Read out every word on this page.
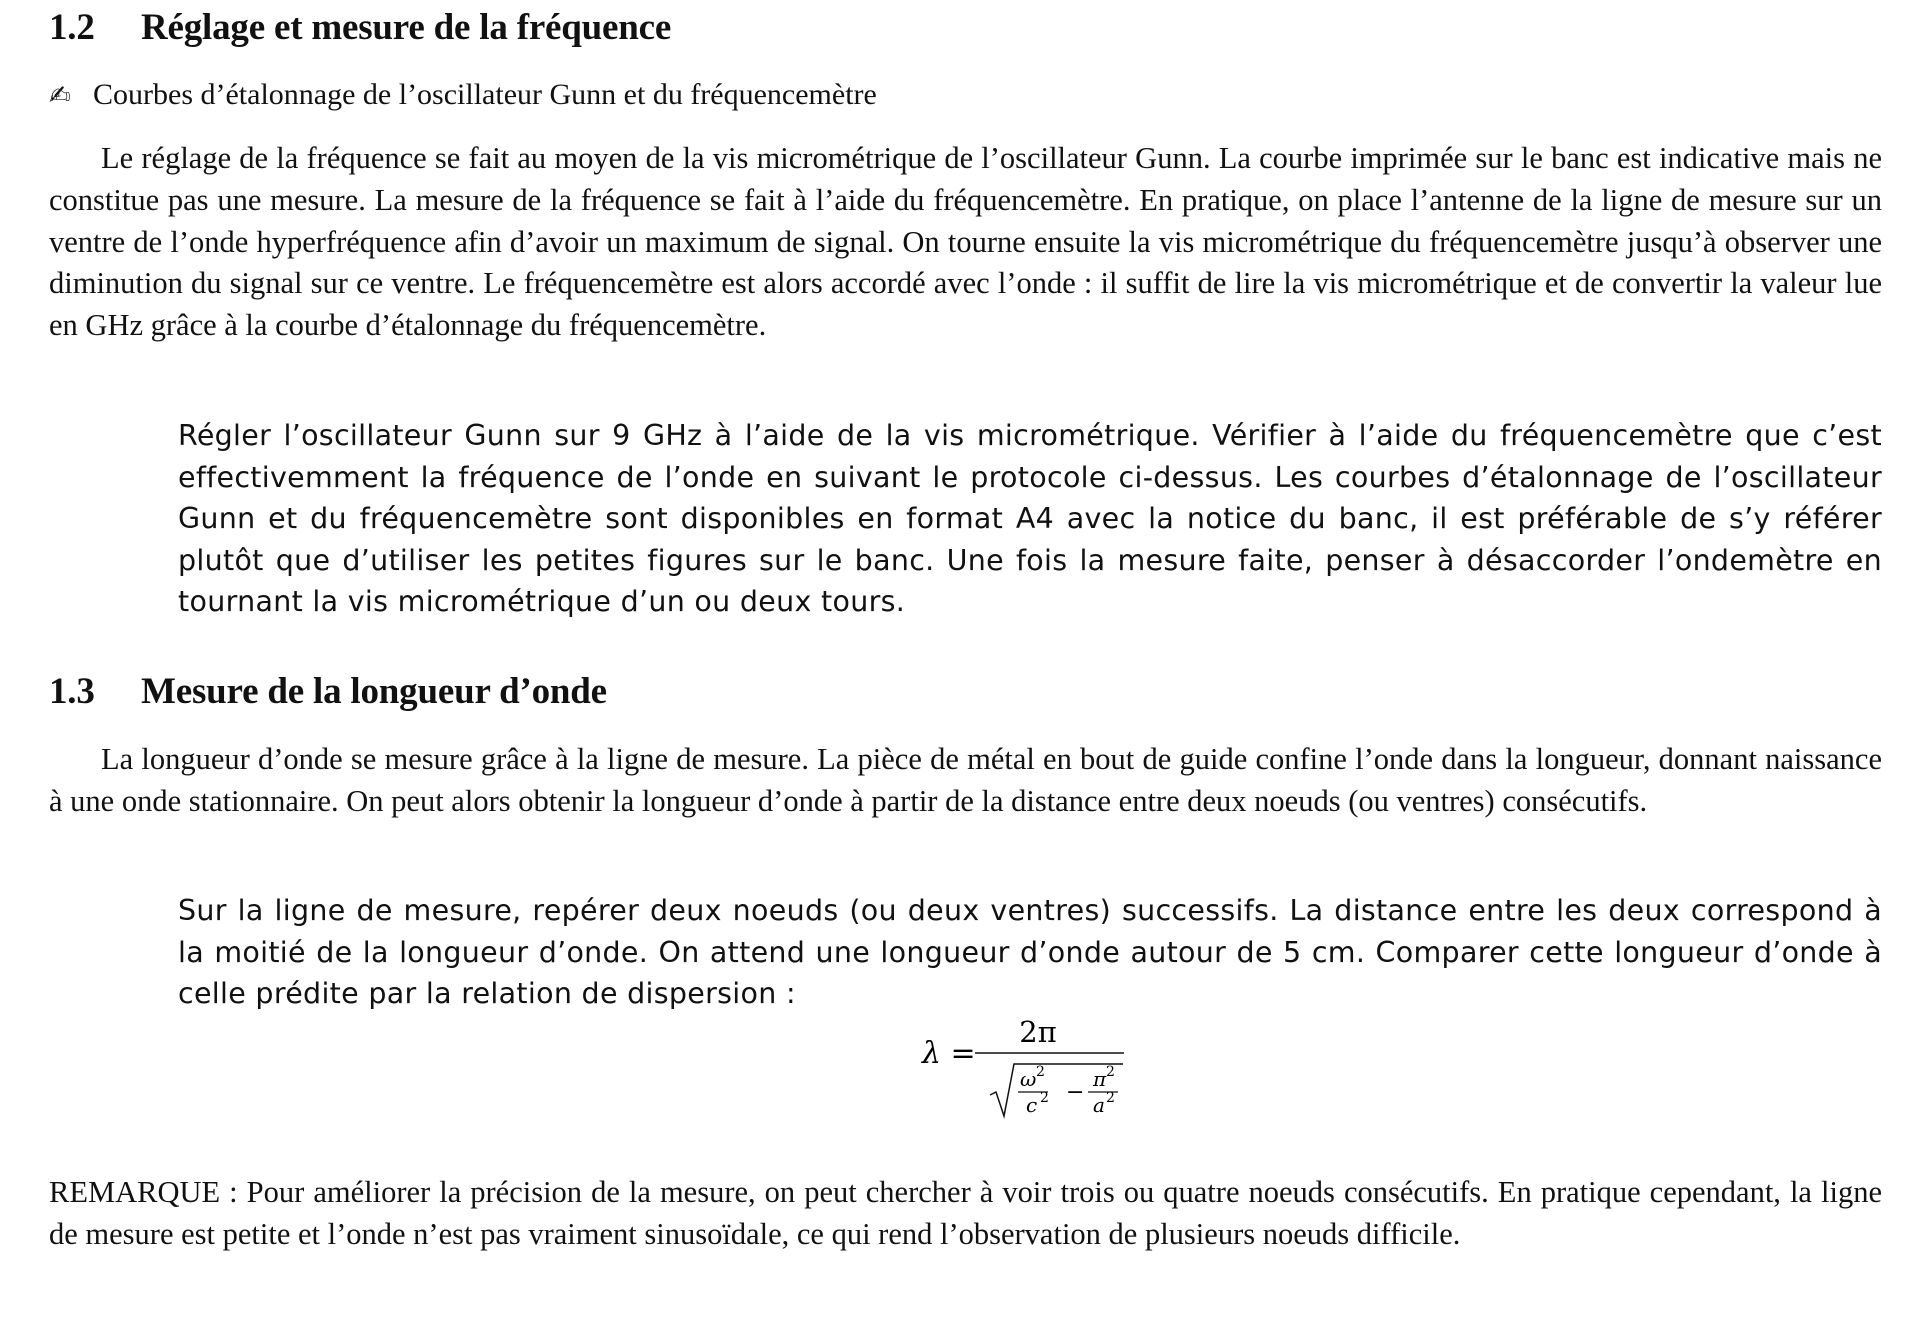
1.2 Réglage et mesure de la fréquence
✍ Courbes d’étalonnage de l’oscillateur Gunn et du fréquencemètre

Le réglage de la fréquence se fait au moyen de la vis micrométrique de l’oscillateur Gunn. La courbe imprimée sur le banc est indicative mais ne constitue pas une mesure. La mesure de la fréquence se fait à l’aide du fréquencemètre. En pratique, on place l’antenne de la ligne de mesure sur un ventre de l’onde hyperfréquence afin d’avoir un maximum de signal. On tourne ensuite la vis micrométrique du fréquencemètre jusqu’à observer une diminution du signal sur ce ventre. Le fréquencemètre est alors accordé avec l’onde : il suffit de lire la vis micrométrique et de convertir la valeur lue en GHz grâce à la courbe d’étalonnage du fréquencemètre.

Régler l’oscillateur Gunn sur 9 GHz à l’aide de la vis micrométrique. Vérifier à l’aide du fréquencemètre que c’est effectivemment la fréquence de l’onde en suivant le protocole ci-dessus. Les courbes d’étalonnage de l’oscillateur Gunn et du fréquencemètre sont disponibles en format A4 avec la notice du banc, il est préférable de s’y référer plutôt que d’utiliser les petites figures sur le banc. Une fois la mesure faite, penser à désaccorder l’ondemètre en tournant la vis micrométrique d’un ou deux tours.

1.3 Mesure de la longueur d’onde

La longueur d’onde se mesure grâce à la ligne de mesure. La pièce de métal en bout de guide confine l’onde dans la longueur, donnant naissance à une onde stationnaire. On peut alors obtenir la longueur d’onde à partir de la distance entre deux noeuds (ou ventres) consécutifs.

Sur la ligne de mesure, repérer deux noeuds (ou deux ventres) successifs. La distance entre les deux correspond à la moitié de la longueur d’onde. On attend une longueur d’onde autour de 5 cm. Comparer cette longueur d’onde à celle prédite par la relation de dispersion :

REMARQUE : Pour améliorer la précision de la mesure, on peut chercher à voir trois ou quatre noeuds consécutifs. En pratique cependant, la ligne de mesure est petite et l’onde n’est pas vraiment sinusoïdale, ce qui rend l’observation de plusieurs noeuds difficile.

λ =
2π
ω 2
c 2 −
π 2
a 2
